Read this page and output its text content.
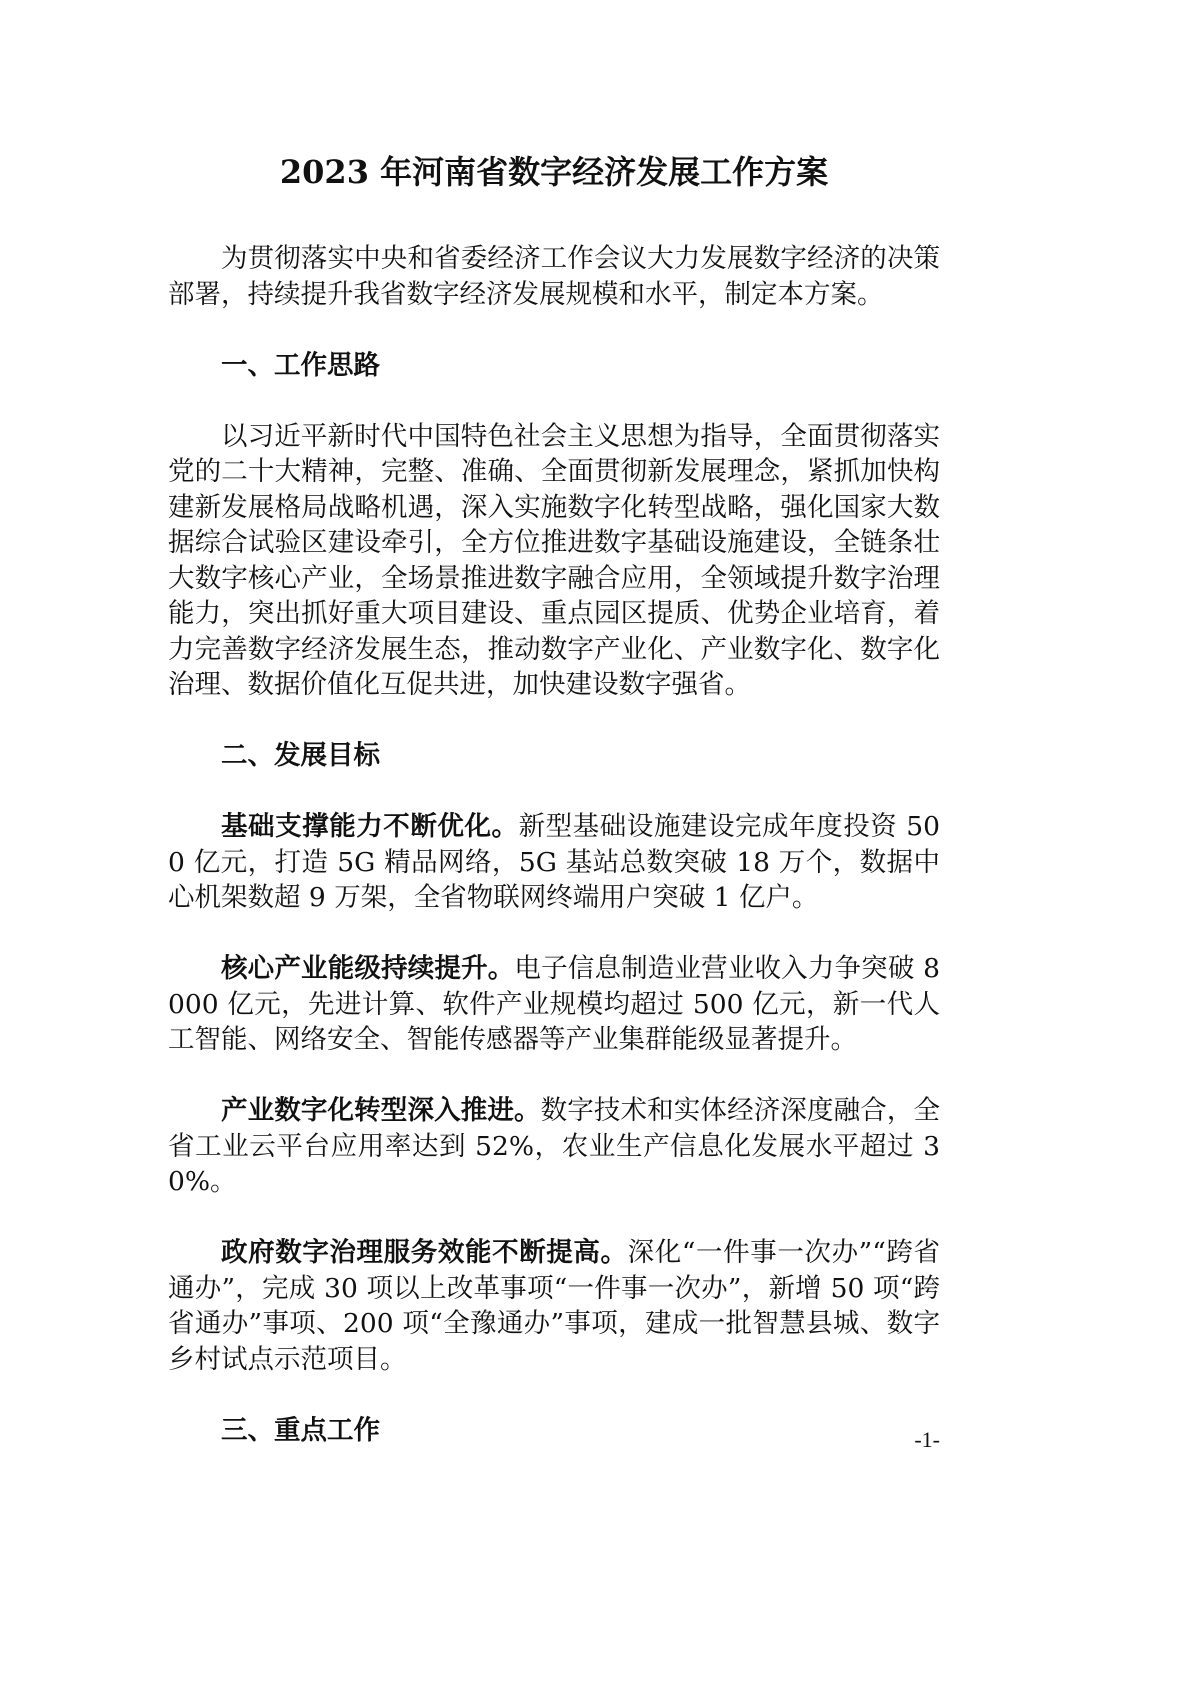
2023 年河南省数字经济发展工作方案

为贯彻落实中央和省委经济工作会议大力发展数字经济的决策部署，持续提升我省数字经济发展规模和水平，制定本方案。

一、工作思路

以习近平新时代中国特色社会主义思想为指导，全面贯彻落实党的二十大精神，完整、准确、全面贯彻新发展理念，紧抓加快构建新发展格局战略机遇，深入实施数字化转型战略，强化国家大数据综合试验区建设牵引，全方位推进数字基础设施建设，全链条壮大数字核心产业，全场景推进数字融合应用，全领域提升数字治理能力，突出抓好重大项目建设、重点园区提质、优势企业培育，着力完善数字经济发展生态，推动数字产业化、产业数字化、数字化治理、数据价值化互促共进，加快建设数字强省。

二、发展目标

基础支撑能力不断优化。新型基础设施建设完成年度投资 500 亿元，打造 5G 精品网络，5G 基站总数突破 18 万个，数据中心机架数超 9 万架，全省物联网终端用户突破 1 亿户。

核心产业能级持续提升。电子信息制造业营业收入力争突破 8000 亿元，先进计算、软件产业规模均超过 500 亿元，新一代人工智能、网络安全、智能传感器等产业集群能级显著提升。

产业数字化转型深入推进。数字技术和实体经济深度融合，全省工业云平台应用率达到 52%，农业生产信息化发展水平超过 30%。

政府数字治理服务效能不断提高。深化“一件事一次办”“跨省通办”，完成 30 项以上改革事项“一件事一次办”，新增 50 项“跨省通办”事项、200 项“全豫通办”事项，建成一批智慧县城、数字乡村试点示范项目。

三、重点工作	-1-
